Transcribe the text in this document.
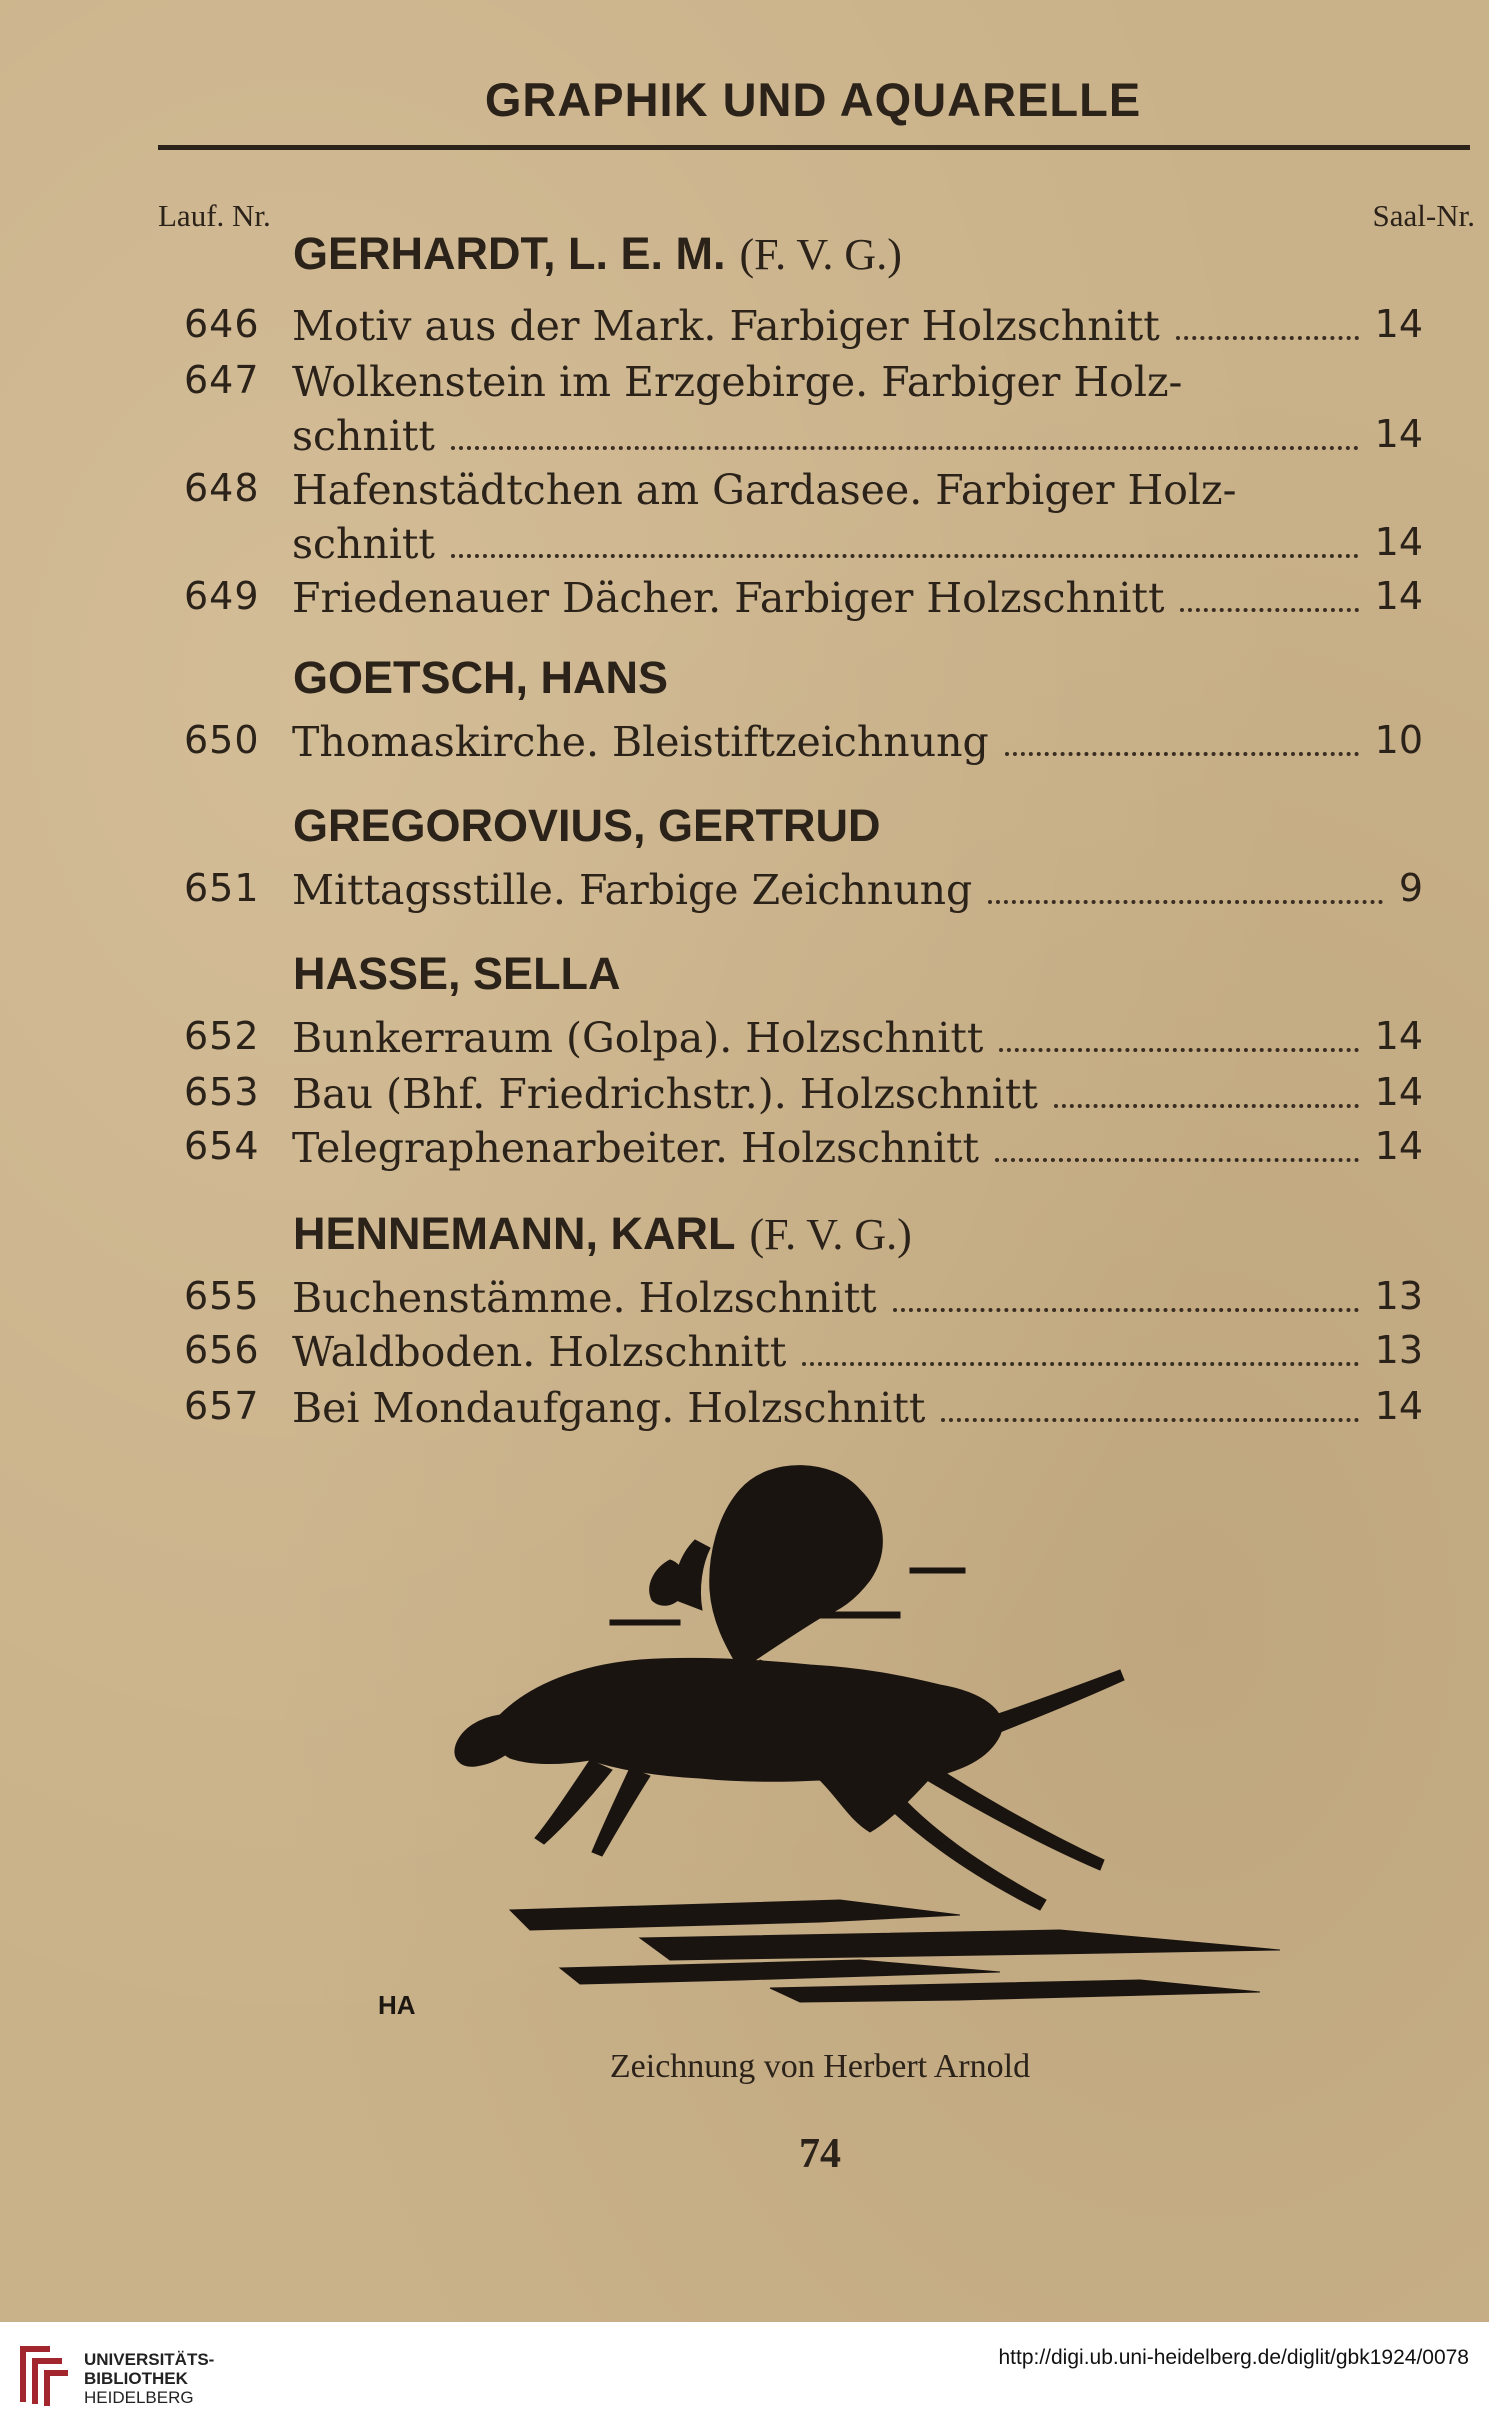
GRAPHIK UND AQUARELLE
Lauf. Nr.	Saal-Nr.
GERHARDT, L. E. M. (F. V. G.)
646 Motiv aus der Mark. Farbiger Holzschnitt	14
647 Wolkenstein im Erzgebirge. Farbiger Holz-
schnitt	14
648 Hafenstädtchen am Gardasee. Farbiger Holz-
schnitt	14
649 Friedenauer Dächer. Farbiger Holzschnitt	14
GOETSCH, HANS
650 Thomaskirche. Bleistiftzeichnung	10
GREGOROVIUS, GERTRUD
651 Mittagsstille. Farbige Zeichnung	9
HASSE, SELLA
652 Bunkerraum (Golpa). Holzschnitt	14
653 Bau (Bhf. Friedrichstr.). Holzschnitt	14
654 Telegraphenarbeiter. Holzschnitt	14
HENNEMANN, KARL (F. V. G.)
655 Buchenstämme. Holzschnitt	13
656 Waldboden. Holzschnitt	13
657 Bei Mondaufgang. Holzschnitt	14
HA
Zeichnung von Herbert Arnold
74
UNIVERSITÄTS-
BIBLIOTHEK
HEIDELBERG
http://digi.ub.uni-heidelberg.de/diglit/gbk1924/0078
